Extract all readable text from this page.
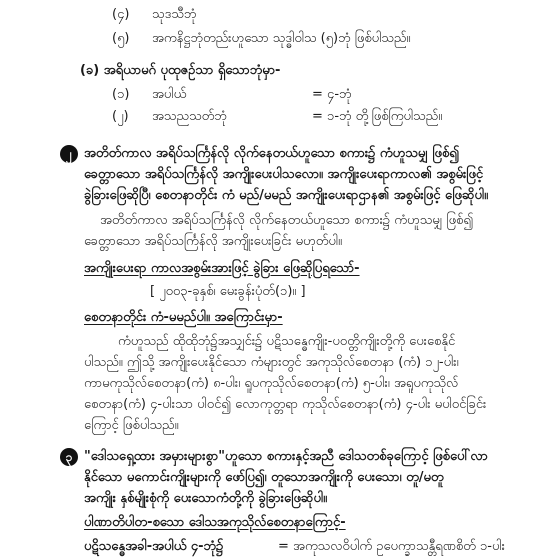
(၄) သုဒသီဘုံ
(၅) အကနိဋ္ဌဘုံတည်းဟူသော သုဒ္ဓါဝါသ (၅)ဘုံ ဖြစ်ပါသည်။
(ခ) အရိယာမဂ် ပုထုဇဉ်သာ ရှိသောဘုံမှာ-
(၁) အပါယ်	= ၄-ဘုံ
(၂) အသညသတ်ဘုံ	= ၁-ဘုံ တို့ဖြစ်ကြပါသည်။
၂ အတိတ်ကာလ အရိပ်သင်္ကြန်လို လိုက်နေတယ်ဟူသော စကား၌ ကံဟူသမျှ ဖြစ်၍
ခေတ္တာသော အရိပ်သင်္ကြန်လို အကျိုးပေးပါသလော။ အကျိုးပေးရာကာလ၏ အစွမ်းဖြင့်
ခွဲခြားဖြေဆိုပြီ၊ စေတနာတိုင်း ကံ မည်/မမည် အကျိုးပေးရာဌာန၏ အစွမ်းဖြင့် ဖြေဆိုပါ။
အတိတ်ကာလ အရိပ်သင်္ကြန်လို လိုက်နေတယ်ဟူသော စကား၌ ကံဟူသမျှ ဖြစ်၍
ခေတ္တာသော အရိပ်သင်္ကြန်လို အကျိုးပေးခြင်း မဟုတ်ပါ။
အကျိုးပေးရာ ကာလအစွမ်းအားဖြင့် ခွဲခြား ဖြေဆိုပြရသော်-
[ ၂၀၀၃-ခုနှစ်၊ မေးခွန်းပုံတ်(၁)။ ]
စေတနာတိုင်း ကံ-မမည်ပါ။ အကြောင်းမှာ-
ကံဟူသည် ထိုထိုဘုံ၌အသျှင်း၌ ပဋိသန္ဓေကျိုး-ပဝတ္တိကျိုးတို့ကို ပေးစေနိုင်
ပါသည်။ ဤသို့ အကျိုးပေးနိုင်သော ကံများတွင် အကုသိုလ်စေတနာ (ကံ) ၁၂-ပါး၊
ကာမကုသိုလ်စေတနာ(ကံ) ၈-ပါး၊ ရူပကုသိုလ်စေတနာ(ကံ) ၅-ပါး၊ အရူပကုသိုလ်
စေတနာ(ကံ) ၄-ပါးသာ ပါဝင်၍ လောကုတ္တရာ ကုသိုလ်စေတနာ(ကံ) ၄-ပါး မပါဝင်ခြင်း
ကြောင့် ဖြစ်ပါသည်။
၃ "ဒေါသရှေ့ထား အမှားများစွာ"ဟူသော စကားနှင့်အညီ ဒေါသတစ်ခုကြောင့် ဖြစ်ပေါ်လာ
နိုင်သော မကောင်းကျိုးများကို ဖော်ပြ၍၊ တူသောအကျိုးကို ပေးသော၊ တူ/မတူ
အကျိုး နှစ်မျိုးစုံကို ပေးသောကံတို့ကို ခွဲခြားဖြေဆိုပါ။
ပါဏာတိပါတ-စသော ဒေါသအကုသိုလ်စေတနာကြောင့်-
ပဋိသန္ဓေအခါ-အပါယ် ၄-ဘုံ၌	= အကုသလဝိပါက် ဥပေက္ခာသန္တီရဏစိတ် ၁-ပါး
